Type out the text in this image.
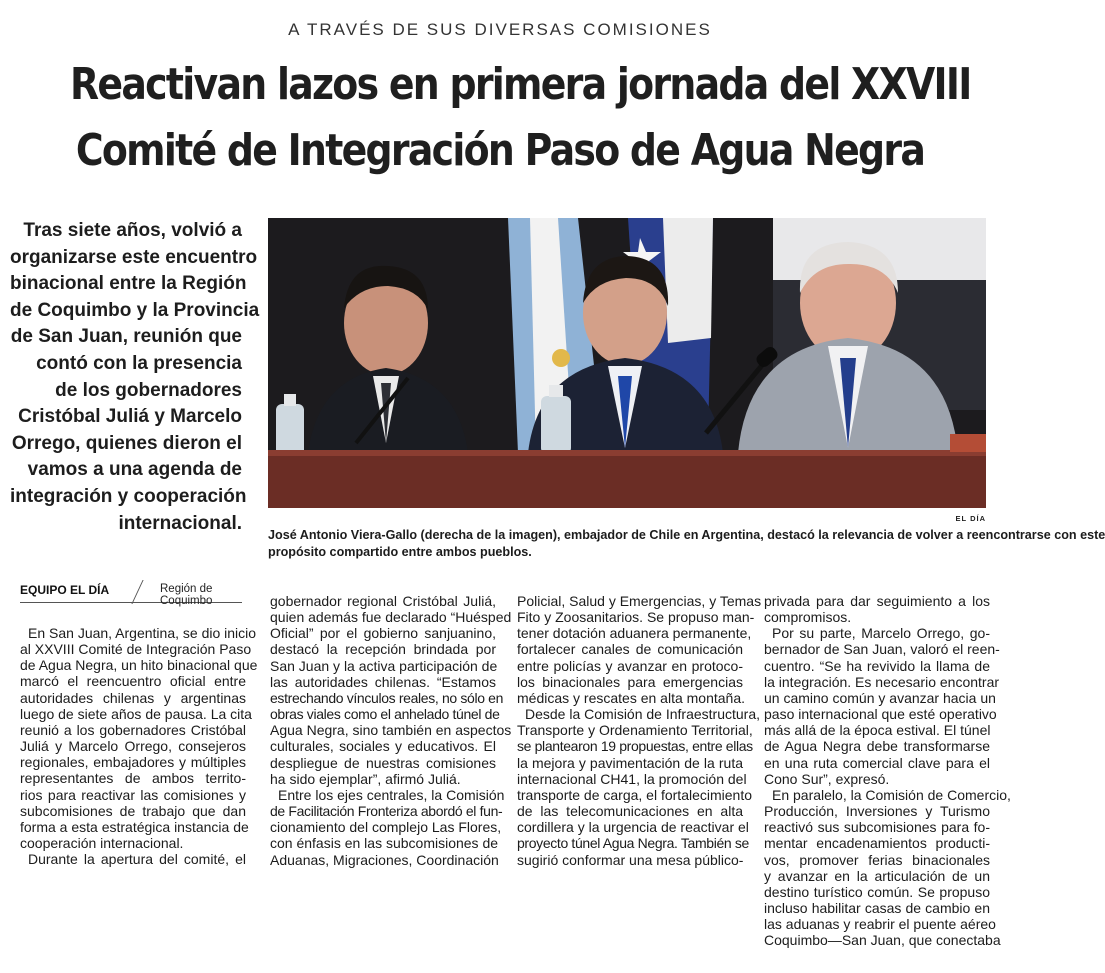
A TRAVÉS DE SUS DIVERSAS COMISIONES
Reactivan lazos en primera jornada del XXVIII
Comité de Integración Paso de Agua Negra
Tras siete años, volvió a
organizarse este encuentro
binacional entre la Región
de Coquimbo y la Provincia
de San Juan, reunión que
contó con la presencia
de los gobernadores
Cristóbal Juliá y Marcelo
Orrego, quienes dieron el
vamos a una agenda de
integración y cooperación
internacional.	EL DÍA
José Antonio Viera-Gallo (derecha de la imagen), embajador de Chile en Argentina, destacó la relevancia de volver a reencontrarse con este
propósito compartido entre ambos pueblos.
EQUIPO EL DÍA	Región de Coquimbo
En San Juan, Argentina, se dio inicio
al XXVIII Comité de Integración Paso
de Agua Negra, un hito binacional que
marcó el reencuentro oficial entre
autoridades chilenas y argentinas
luego de siete años de pausa. La cita
reunió a los gobernadores Cristóbal
Juliá y Marcelo Orrego, consejeros
regionales, embajadores y múltiples
representantes de ambos territo-
rios para reactivar las comisiones y
subcomisiones de trabajo que dan
forma a esta estratégica instancia de
cooperación internacional.
Durante la apertura del comité, el
gobernador regional Cristóbal Juliá,
quien además fue declarado “Huésped
Oficial” por el gobierno sanjuanino,
destacó la recepción brindada por
San Juan y la activa participación de
las autoridades chilenas. “Estamos
estrechando vínculos reales, no sólo en
obras viales como el anhelado túnel de
Agua Negra, sino también en aspectos
culturales, sociales y educativos. El
despliegue de nuestras comisiones
ha sido ejemplar”, afirmó Juliá.
Entre los ejes centrales, la Comisión
de Facilitación Fronteriza abordó el fun-
cionamiento del complejo Las Flores,
con énfasis en las subcomisiones de
Aduanas, Migraciones, Coordinación
Policial, Salud y Emergencias, y Temas
Fito y Zoosanitarios. Se propuso man-
tener dotación aduanera permanente,
fortalecer canales de comunicación
entre policías y avanzar en protoco-
los binacionales para emergencias
médicas y rescates en alta montaña.
Desde la Comisión de Infraestructura,
Transporte y Ordenamiento Territorial,
se plantearon 19 propuestas, entre ellas
la mejora y pavimentación de la ruta
internacional CH41, la promoción del
transporte de carga, el fortalecimiento
de las telecomunicaciones en alta
cordillera y la urgencia de reactivar el
proyecto túnel Agua Negra. También se
sugirió conformar una mesa público-
privada para dar seguimiento a los
compromisos.
Por su parte, Marcelo Orrego, go-
bernador de San Juan, valoró el reen-
cuentro. “Se ha revivido la llama de
la integración. Es necesario encontrar
un camino común y avanzar hacia un
paso internacional que esté operativo
más allá de la época estival. El túnel
de Agua Negra debe transformarse
en una ruta comercial clave para el
Cono Sur”, expresó.
En paralelo, la Comisión de Comercio,
Producción, Inversiones y Turismo
reactivó sus subcomisiones para fo-
mentar encadenamientos producti-
vos, promover ferias binacionales
y avanzar en la articulación de un
destino turístico común. Se propuso
incluso habilitar casas de cambio en
las aduanas y reabrir el puente aéreo
Coquimbo—San Juan, que conectaba
